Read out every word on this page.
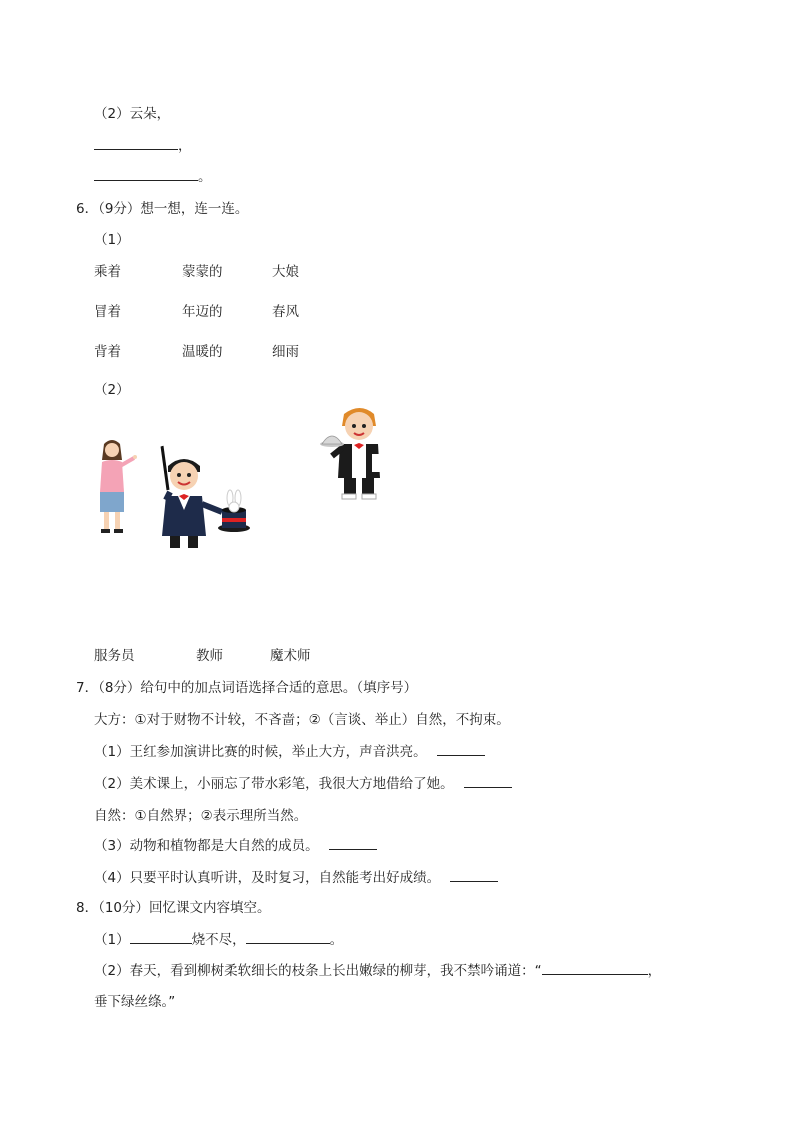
（2）云朵，
，
。
6．（9分）想一想，连一连。
（1）
乘着	蒙蒙的	大娘
冒着	年迈的	春风
背着	温暖的	细雨
（2）
服务员	教师	魔术师
7．（8分）给句中的加点词语选择合适的意思。（填序号）
大方：①对于财物不计较，不吝啬；②（言谈、举止）自然，不拘束。
（1）王红参加演讲比赛的时候，举止大方，声音洪亮。
（2）美术课上，小丽忘了带水彩笔，我很大方地借给了她。
自然：①自然界；②表示理所当然。
（3）动物和植物都是大自然的成员。
（4）只要平时认真听讲，及时复习，自然能考出好成绩。
8．（10分）回忆课文内容填空。
（1）	烧不尽，	。
（2）春天，看到柳树柔软细长的枝条上长出嫩绿的柳芽，我不禁吟诵道：“	，
垂下绿丝绦。”
